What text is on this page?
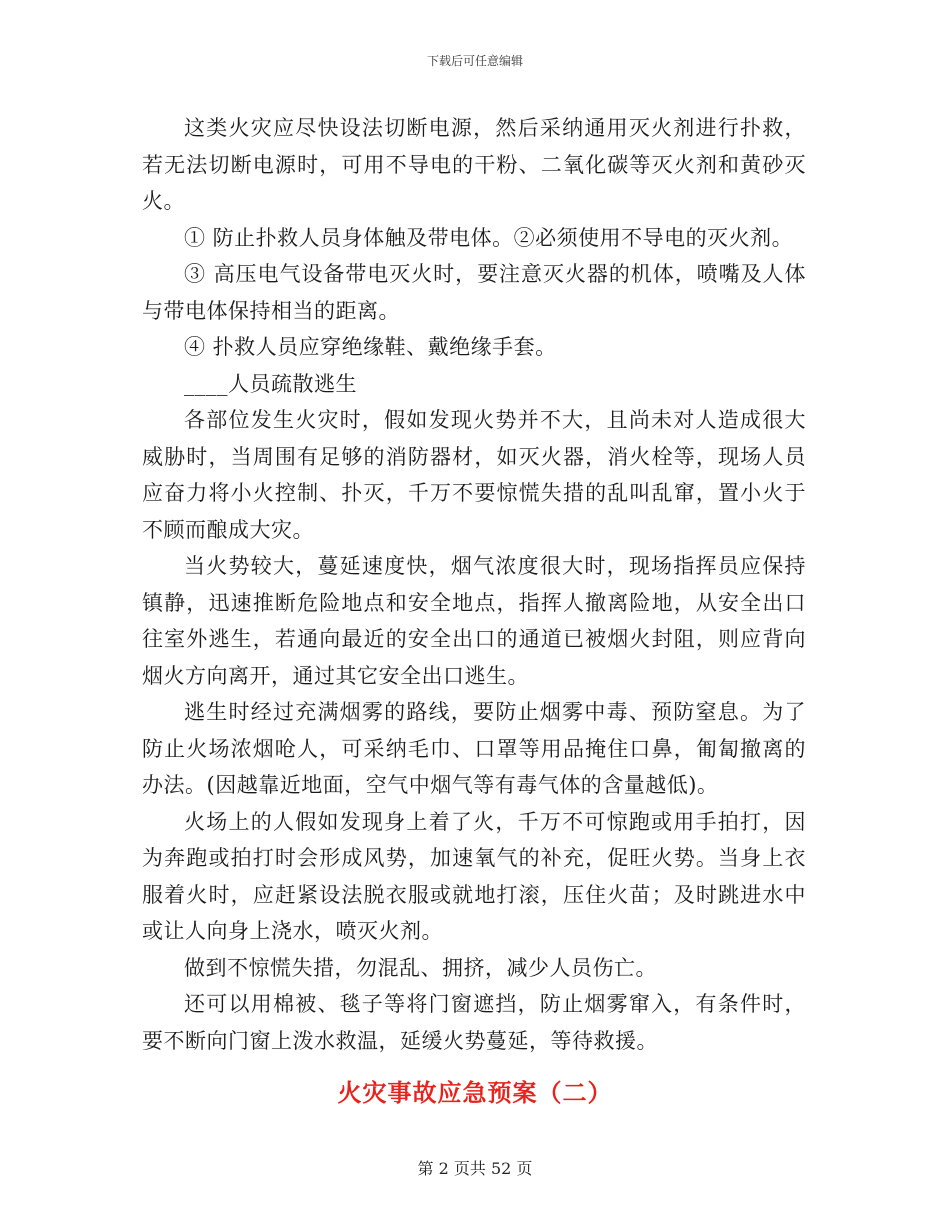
下载后可任意编辑

这类火灾应尽快设法切断电源，然后采纳通用灭火剂进行扑救，若无法切断电源时，可用不导电的干粉、二氧化碳等灭火剂和黄砂灭火。

① 防止扑救人员身体触及带电体。②必须使用不导电的灭火剂。

③ 高压电气设备带电灭火时，要注意灭火器的机体，喷嘴及人体与带电体保持相当的距离。

④ 扑救人员应穿绝缘鞋、戴绝缘手套。

____人员疏散逃生

各部位发生火灾时，假如发现火势并不大，且尚未对人造成很大威胁时，当周围有足够的消防器材，如灭火器，消火栓等，现场人员应奋力将小火控制、扑灭，千万不要惊慌失措的乱叫乱窜，置小火于不顾而酿成大灾。

当火势较大，蔓延速度快，烟气浓度很大时，现场指挥员应保持镇静，迅速推断危险地点和安全地点，指挥人撤离险地，从安全出口往室外逃生，若通向最近的安全出口的通道已被烟火封阻，则应背向烟火方向离开，通过其它安全出口逃生。

逃生时经过充满烟雾的路线，要防止烟雾中毒、预防窒息。为了防止火场浓烟呛人，可采纳毛巾、口罩等用品掩住口鼻，匍匐撤离的办法。(因越靠近地面，空气中烟气等有毒气体的含量越低)。

火场上的人假如发现身上着了火，千万不可惊跑或用手拍打，因为奔跑或拍打时会形成风势，加速氧气的补充，促旺火势。当身上衣服着火时，应赶紧设法脱衣服或就地打滚，压住火苗；及时跳进水中或让人向身上浇水，喷灭火剂。

做到不惊慌失措，勿混乱、拥挤，减少人员伤亡。

还可以用棉被、毯子等将门窗遮挡，防止烟雾窜入，有条件时，要不断向门窗上泼水救温，延缓火势蔓延，等待救援。

火灾事故应急预案（二）
第 2 页共 52 页
